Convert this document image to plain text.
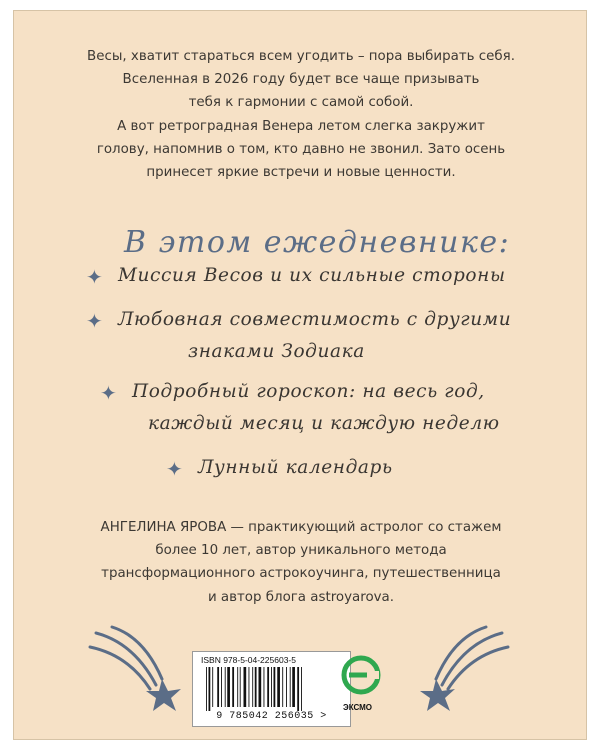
Весы, хватит стараться всем угодить – пора выбирать себя.
Вселенная в 2026 году будет все чаще призывать
тебя к гармонии с самой собой.
А вот ретроградная Венера летом слегка закружит
голову, напомнив о том, кто давно не звонил. Зато осень
принесет яркие встречи и новые ценности.
В этом ежедневнике:
✦ Миссия Весов и их сильные стороны
✦ Любовная совместимость с другими
знаками Зодиака
✦ Подробный гороскоп: на весь год,
каждый месяц и каждую неделю
✦ Лунный календарь
АНГЕЛИНА ЯРОВА — практикующий астролог со стажем
более 10 лет, автор уникального метода
трансформационного астрокоучинга, путешественница
и автор блога astroyarova.
ISBN 978-5-04-225603-5
9 785042 256035 >
ЭКСМО
